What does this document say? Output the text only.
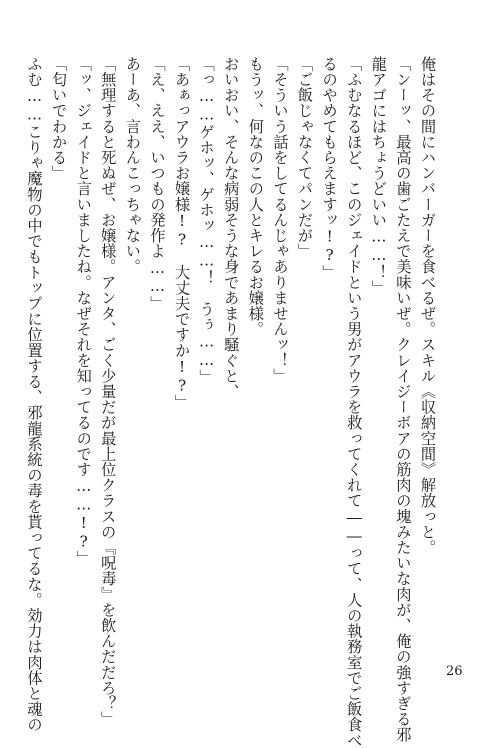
俺はその間にハンバーガーを食べるぜ。スキル《収納空間》解放っと。
「ンーッ、最高の歯ごたえで美味いぜ。クレイジーボアの筋肉の塊みたいな肉が、俺の強すぎる邪
龍アゴにはちょうどいい……！」
「ふむなるほど、このジェイドという男がアウラを救ってくれて――って、人の執務室でご飯食べ
るのやめてもらえますッ!?」
「ご飯じゃなくてパンだが」
「そういう話をしてるんじゃありませんッ！」
もうッ、何なのこの人とキレるお嬢様。
おいおい、そんな病弱そうな身であまり騒ぐと、
「っ……ゲホッ、ゲホッ……！　うぅ……」
「あぁっアウラお嬢様!?　大丈夫ですか!?」
「え、ええ、いつもの発作よ……」
あーあ、言わんこっちゃない。
「無理すると死ぬぜ、お嬢様。アンタ、ごく少量だが最上位クラスの『呪毒』を飲んだだろ？」
「ッ、ジェイドと言いましたね。なぜそれを知ってるのです……!?」
「匂いでわかる」
ふむ……こりゃ魔物の中でもトップに位置する、邪龍系統の毒を貰ってるな。効力は肉体と魂の	26
